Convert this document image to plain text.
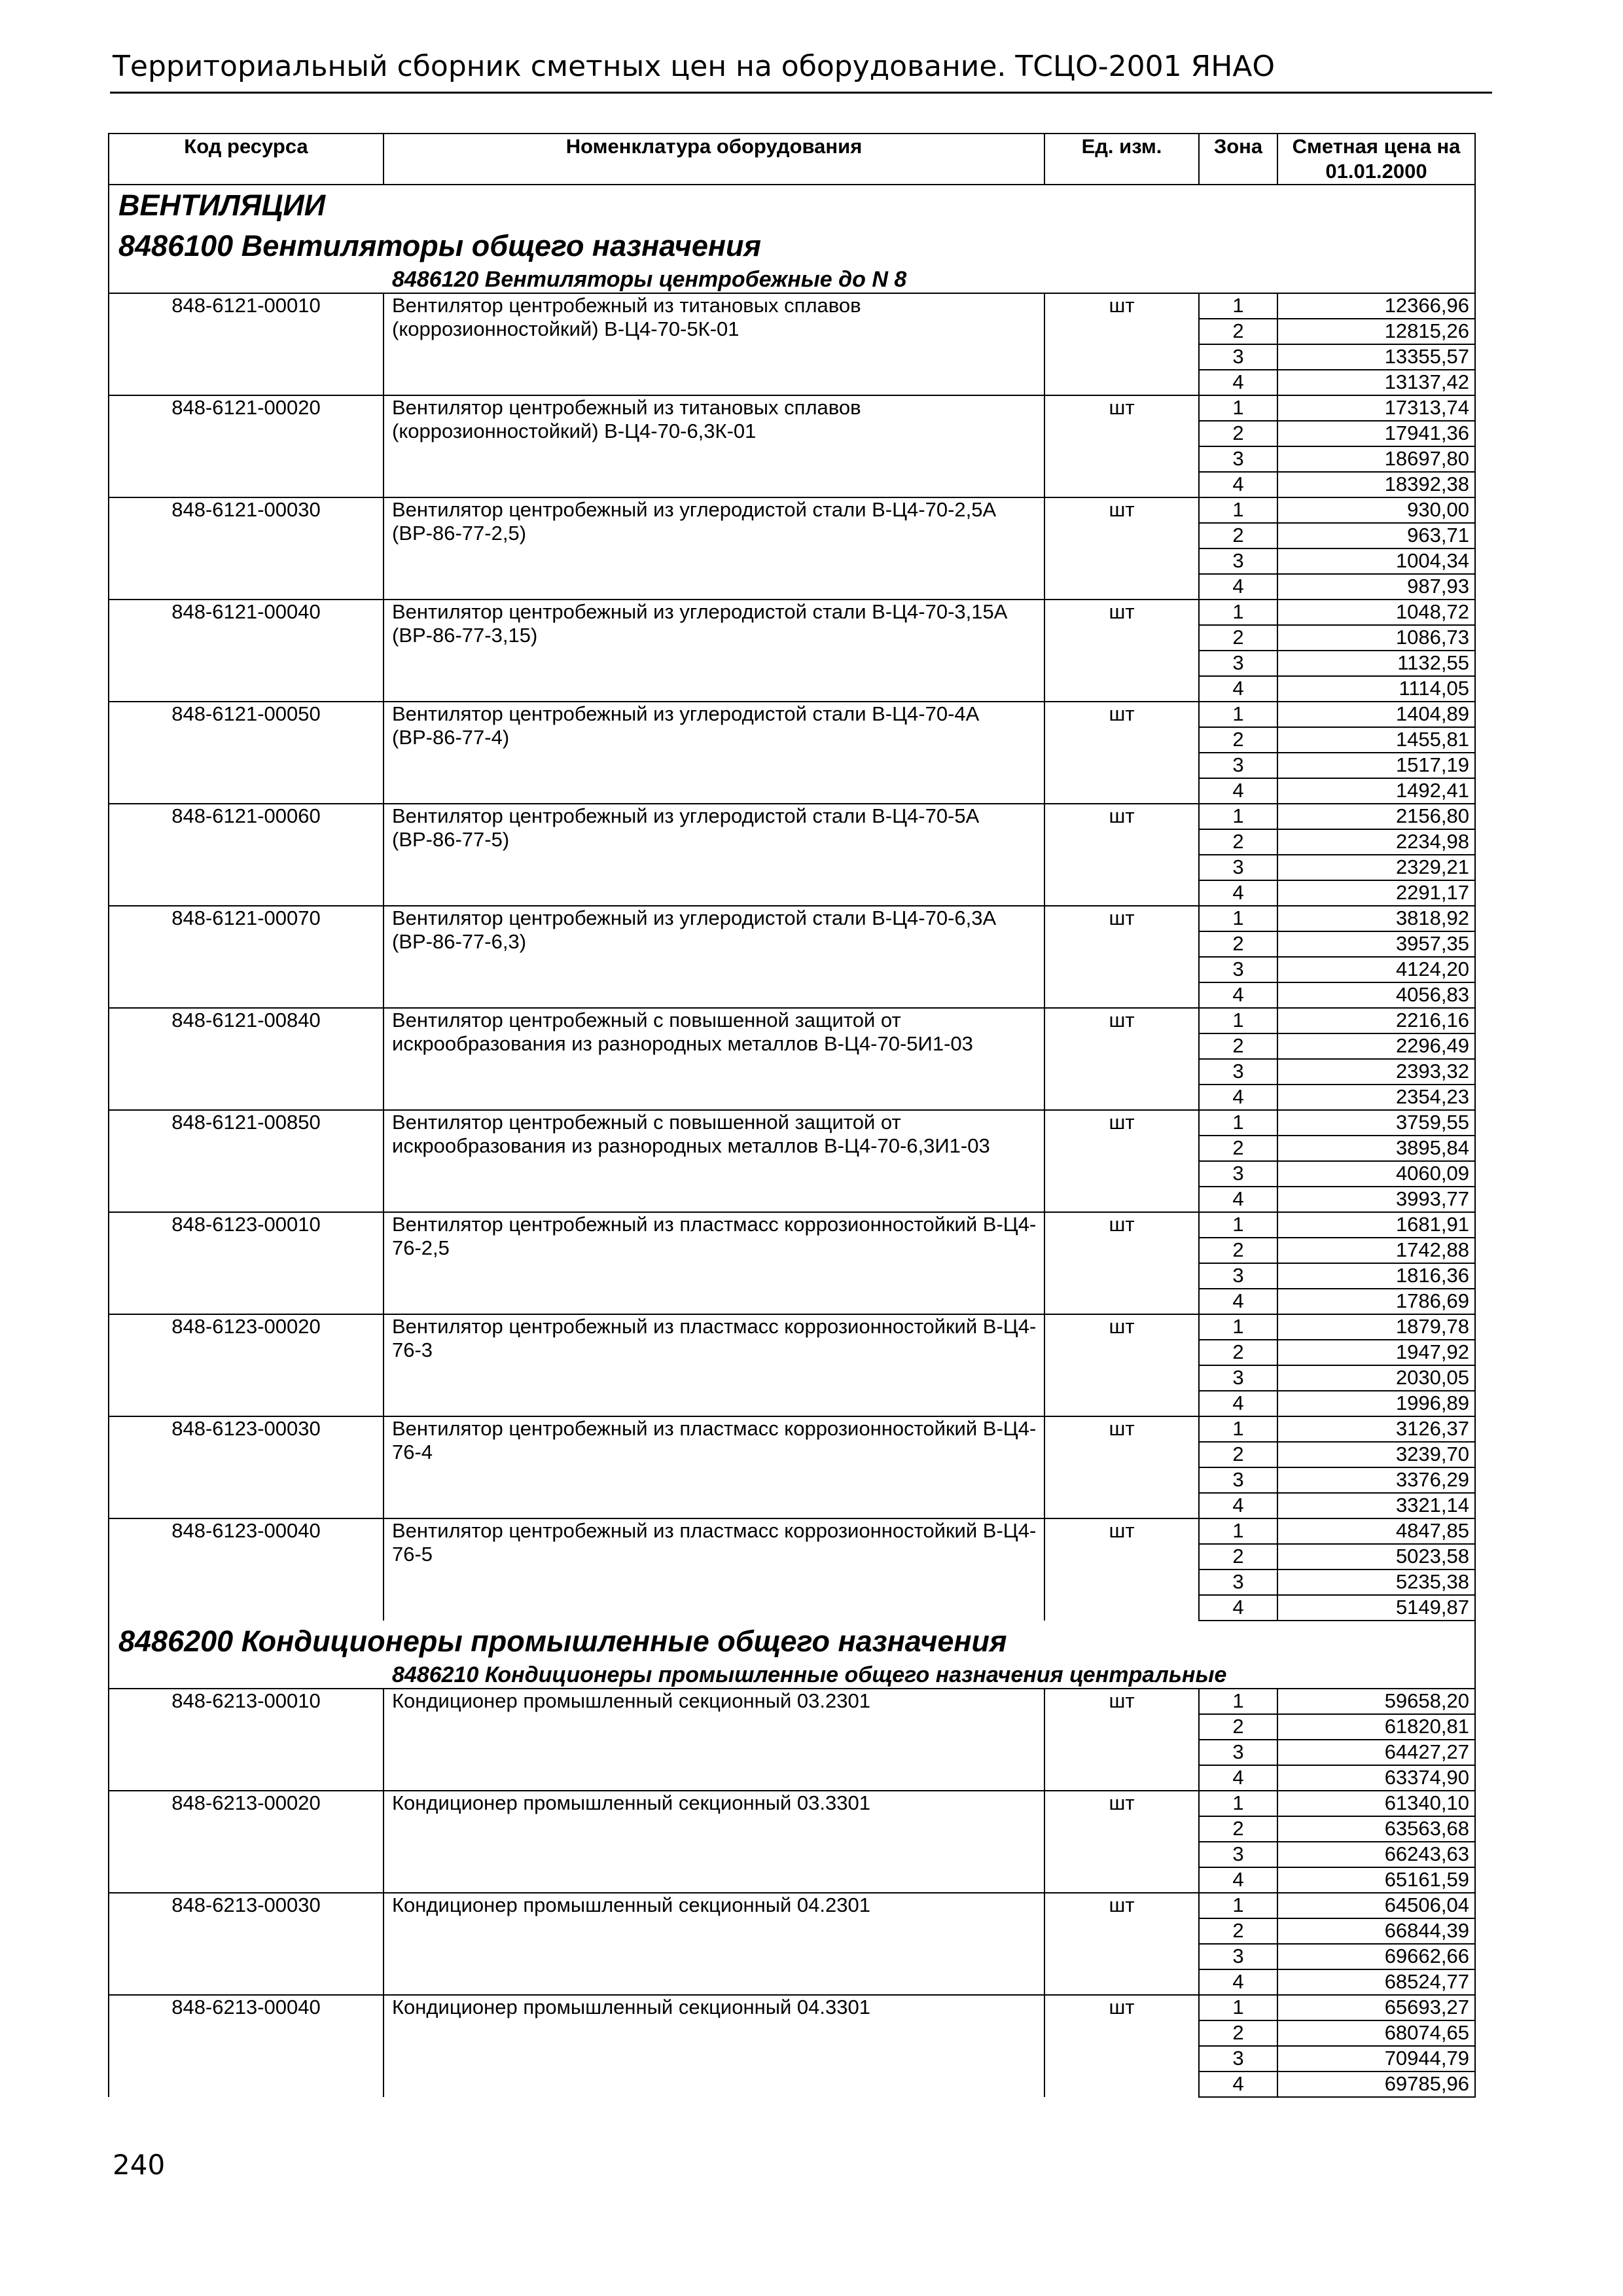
Территориальный сборник сметных цен на оборудование. ТСЦО-2001 ЯНАО
Код ресурса	Номенклатура оборудования	Ед. изм.	Зона	Сметная цена на 01.01.2000
ВЕНТИЛЯЦИИ				
8486100 Вентиляторы общего назначения				
8486120 Вентиляторы центробежные до N 8				
848-6121-00010	Вентилятор центробежный из титановых сплавов (коррозионностойкий) В-Ц4-70-5К-01	шт	1	12366,96
			2	12815,26
			3	13355,57
			4	13137,42
848-6121-00020	Вентилятор центробежный из титановых сплавов (коррозионностойкий) В-Ц4-70-6,3К-01	шт	1	17313,74
			2	17941,36
			3	18697,80
			4	18392,38
848-6121-00030	Вентилятор центробежный из углеродистой стали В-Ц4-70-2,5А (ВР-86-77-2,5)	шт	1	930,00
			2	963,71
			3	1004,34
			4	987,93
848-6121-00040	Вентилятор центробежный из углеродистой стали В-Ц4-70-3,15А (ВР-86-77-3,15)	шт	1	1048,72
			2	1086,73
			3	1132,55
			4	1114,05
848-6121-00050	Вентилятор центробежный из углеродистой стали В-Ц4-70-4А (ВР-86-77-4)	шт	1	1404,89
			2	1455,81
			3	1517,19
			4	1492,41
848-6121-00060	Вентилятор центробежный из углеродистой стали В-Ц4-70-5А (ВР-86-77-5)	шт	1	2156,80
			2	2234,98
			3	2329,21
			4	2291,17
848-6121-00070	Вентилятор центробежный из углеродистой стали В-Ц4-70-6,3А (ВР-86-77-6,3)	шт	1	3818,92
			2	3957,35
			3	4124,20
			4	4056,83
848-6121-00840	Вентилятор центробежный с повышенной защитой от искрообразования из разнородных металлов В-Ц4-70-5И1-03	шт	1	2216,16
			2	2296,49
			3	2393,32
			4	2354,23
848-6121-00850	Вентилятор центробежный с повышенной защитой от искрообразования из разнородных металлов В-Ц4-70-6,3И1-03	шт	1	3759,55
			2	3895,84
			3	4060,09
			4	3993,77
848-6123-00010	Вентилятор центробежный из пластмасс коррозионностойкий В-Ц4-76-2,5	шт	1	1681,91
			2	1742,88
			3	1816,36
			4	1786,69
848-6123-00020	Вентилятор центробежный из пластмасс коррозионностойкий В-Ц4-76-3	шт	1	1879,78
			2	1947,92
			3	2030,05
			4	1996,89
848-6123-00030	Вентилятор центробежный из пластмасс коррозионностойкий В-Ц4-76-4	шт	1	3126,37
			2	3239,70
			3	3376,29
			4	3321,14
848-6123-00040	Вентилятор центробежный из пластмасс коррозионностойкий В-Ц4-76-5	шт	1	4847,85
			2	5023,58
			3	5235,38
			4	5149,87
8486200 Кондиционеры промышленные общего назначения				
8486210 Кондиционеры промышленные общего назначения центральные				
848-6213-00010	Кондиционер промышленный секционный 03.2301	шт	1	59658,20
			2	61820,81
			3	64427,27
			4	63374,90
848-6213-00020	Кондиционер промышленный секционный 03.3301	шт	1	61340,10
			2	63563,68
			3	66243,63
			4	65161,59
848-6213-00030	Кондиционер промышленный секционный 04.2301	шт	1	64506,04
			2	66844,39
			3	69662,66
			4	68524,77
848-6213-00040	Кондиционер промышленный секционный 04.3301	шт	1	65693,27
			2	68074,65
			3	70944,79
			4	69785,96
240
